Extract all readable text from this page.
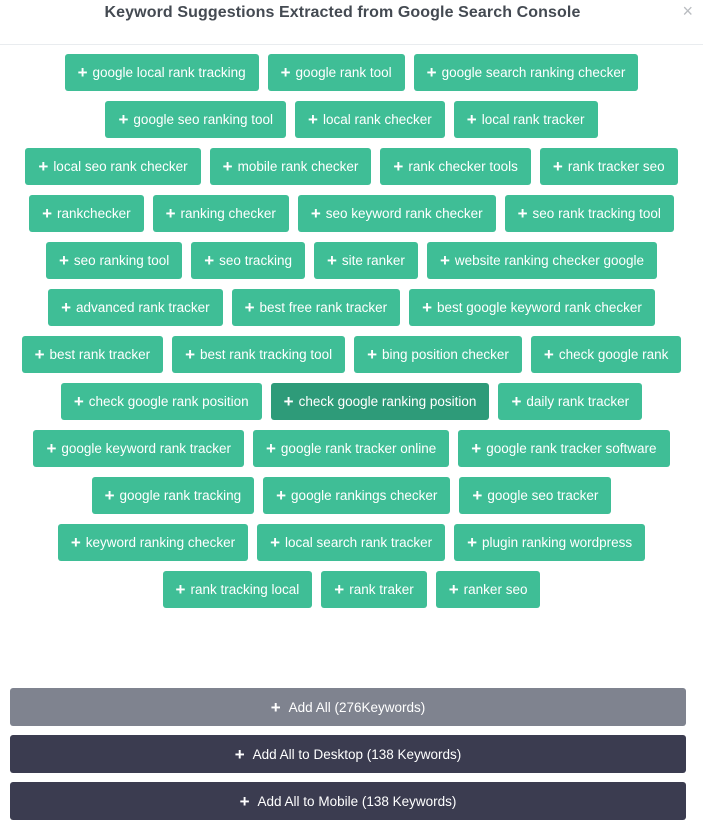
Keyword Suggestions Extracted from Google Search Console	×
+ google local rank tracking + google rank tool + google search ranking checker
+ google seo ranking tool + local rank checker + local rank tracker
+ local seo rank checker + mobile rank checker + rank checker tools + rank tracker seo
+ rankchecker + ranking checker + seo keyword rank checker + seo rank tracking tool
+ seo ranking tool + seo tracking + site ranker + website ranking checker google
+ advanced rank tracker + best free rank tracker + best google keyword rank checker
+ best rank tracker + best rank tracking tool + bing position checker + check google rank
+ check google rank position + check google ranking position + daily rank tracker
+ google keyword rank tracker + google rank tracker online + google rank tracker software
+ google rank tracking + google rankings checker + google seo tracker
+ keyword ranking checker + local search rank tracker + plugin ranking wordpress
+ rank tracking local + rank traker + ranker seo
+ Add All (276Keywords)
+ Add All to Desktop (138 Keywords)
+ Add All to Mobile (138 Keywords)
